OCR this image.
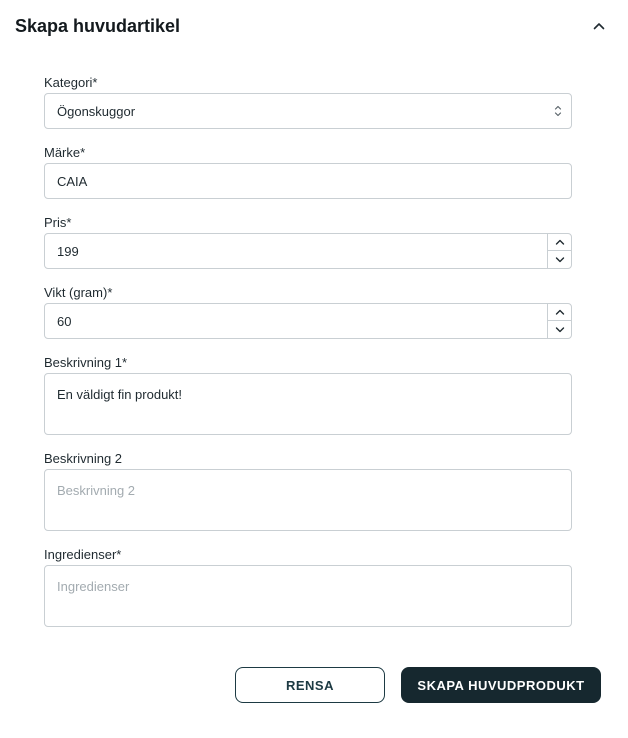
Skapa huvudartikel
Kategori*
Ögonskuggor
Märke*
CAIA
Pris*
199
Vikt (gram)*
60
Beskrivning 1*
En väldigt fin produkt!
Beskrivning 2
Beskrivning 2
Ingredienser*
Ingredienser
RENSA	SKAPA HUVUDPRODUKT
